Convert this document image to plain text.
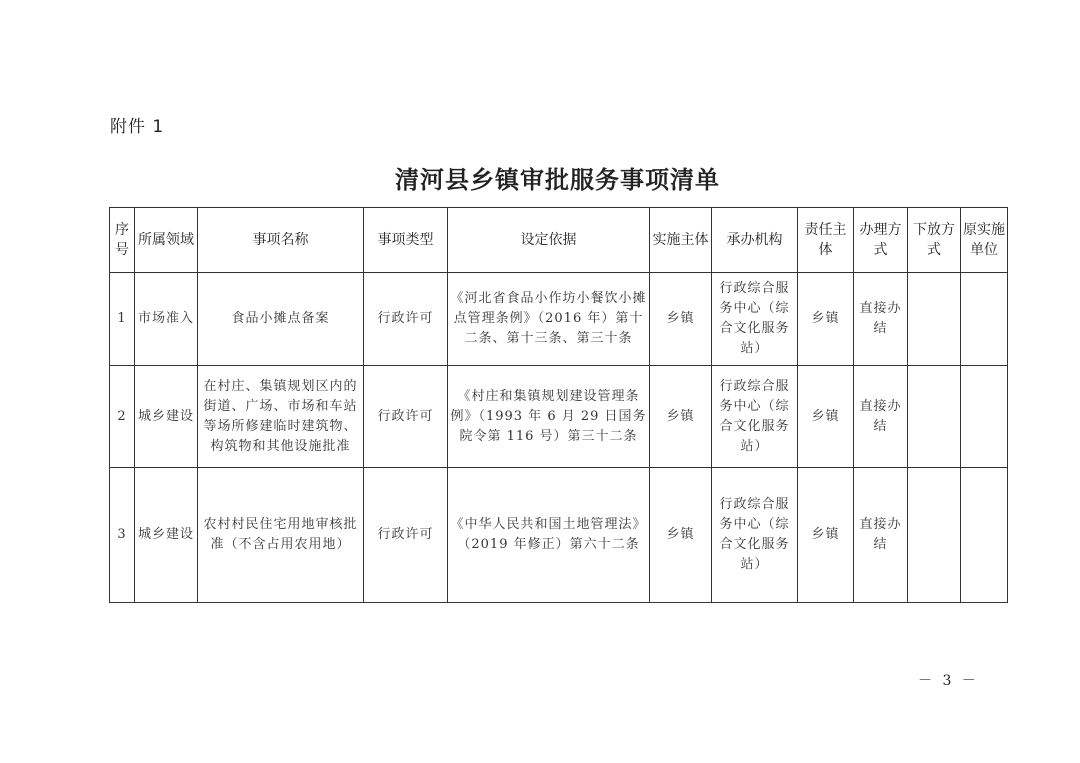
附件 1
清河县乡镇审批服务事项清单
序号	所属领域	事项名称	事项类型	设定依据	实施主体	承办机构	责任主体	办理方式	下放方式	原实施单位
1	市场准入	食品小摊点备案	行政许可	《河北省食品小作坊小餐饮小摊点管理条例》（2016 年）第十二条、第十三条、第三十条	乡镇	行政综合服务中心（综合文化服务站）	乡镇	直接办结		
2	城乡建设	在村庄、集镇规划区内的街道、广场、市场和车站等场所修建临时建筑物、构筑物和其他设施批准	行政许可	《村庄和集镇规划建设管理条例》（1993 年 6 月 29 日国务院令第 116 号）第三十二条	乡镇	行政综合服务中心（综合文化服务站）	乡镇	直接办结		
3	城乡建设	农村村民住宅用地审核批准（不含占用农用地）	行政许可	《中华人民共和国土地管理法》（2019 年修正）第六十二条	乡镇	行政综合服务中心（综合文化服务站）	乡镇	直接办结		
－ 3 －
